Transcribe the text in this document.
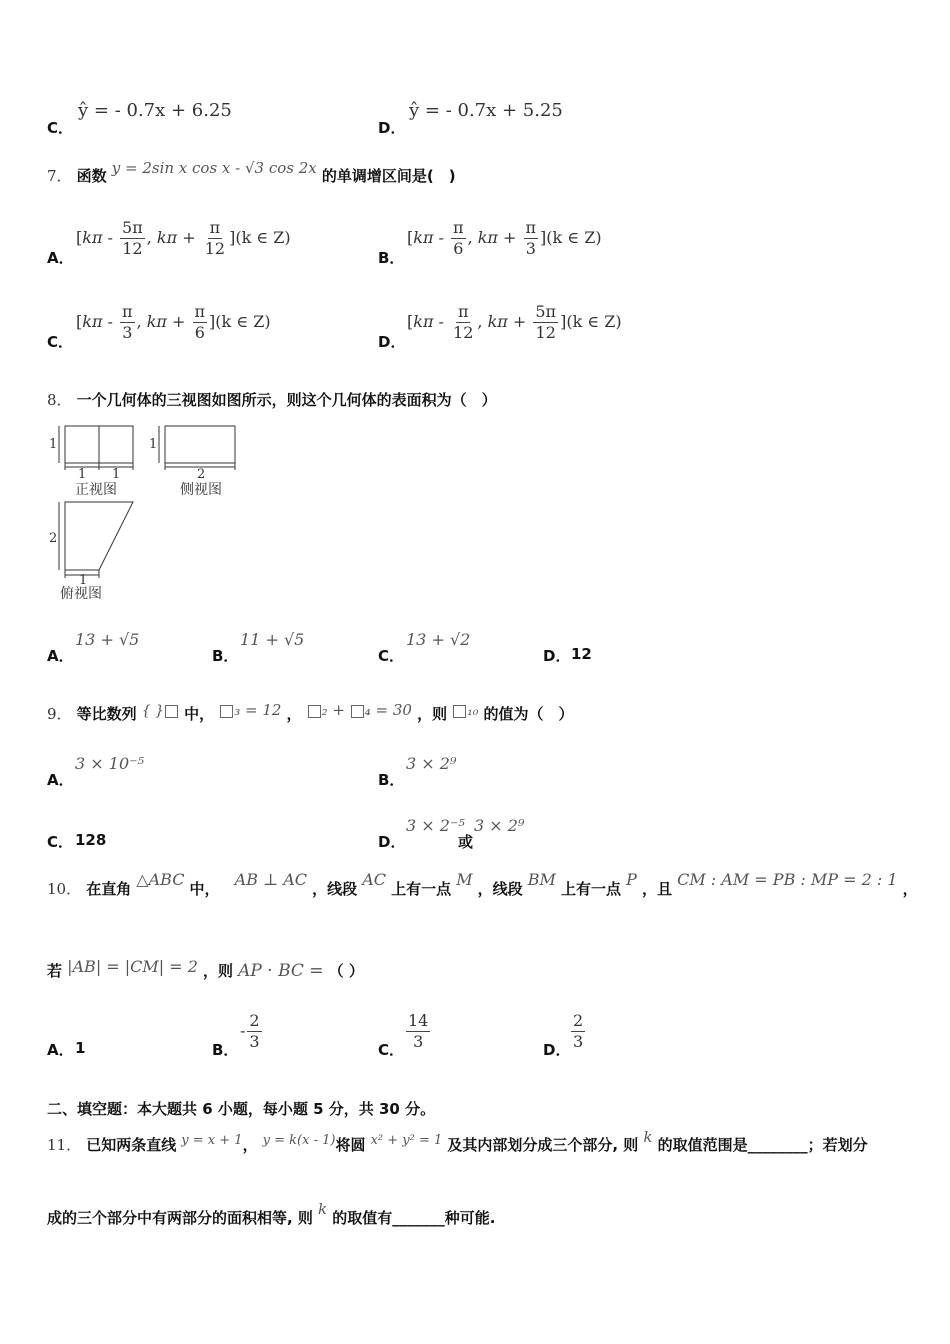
C．
ŷ = - 0.7x + 6.25
D．
ŷ = - 0.7x + 5.25
7． 函数 y = 2sin x cos x - √3 cos 2x 的单调增区间是(　)
A．
[$k\pi - \frac{5\pi}{12}$ , $k\pi + \frac{\pi}{12} ](k$ ∈ Z)
B．
[$k\pi - \frac{\pi}{6}$ , $k\pi + \frac{\pi}{3} ](k$ ∈ Z)
C．
[$k\pi - \frac{\pi}{3}$ , $k\pi + \frac{\pi}{6} ](k$ ∈ Z)
D．
[$k\pi - \frac{\pi}{12}$ , $k\pi + \frac{5\pi}{12} ](k$ ∈ Z)
8． 一个几何体的三视图如图所示，则这个几何体的表面积为（　）
1
1 1
1
2
2
1
正视图	侧视图
俯视图
A．
13 + √5
B．
11 + √5
C．
13 + √2
D． 12
9． 等比数列 { } 中， ₃ = 12 ， ₂ + ₄ = 30 ，则 ₁₀ 的值为（　）
A．
3 × 10⁻⁵
B．
3 × 2⁹
C． 128	D．
3 × 2⁻⁵
或
3 × 2⁹
10． 在直角 △ABC 中， AB ⊥ AC ，线段 AC 上有一点 M ，线段 BM 上有一点 P ，且 CM : AM = PB : MP = 2 : 1 ，
若 |AB| = |CM| = 2 ，则 AP · BC = （ ）
A． 1	B．
- $\frac{2}{3}$	C． $\frac{14}{3}$	D． $\frac{2}{3}$
二、填空题：本大题共 6 小题，每小题 5 分，共 30 分。
11． 已知两条直线 $^{y = x + 1}$， $^{y = k(x - 1)}$将圆 $^{x^2 + y^2 = 1}$ 及其内部划分成三个部分, 则 k 的取值范围是________；若划分
成的三个部分中有两部分的面积相等, 则 k 的取值有_______种可能.
